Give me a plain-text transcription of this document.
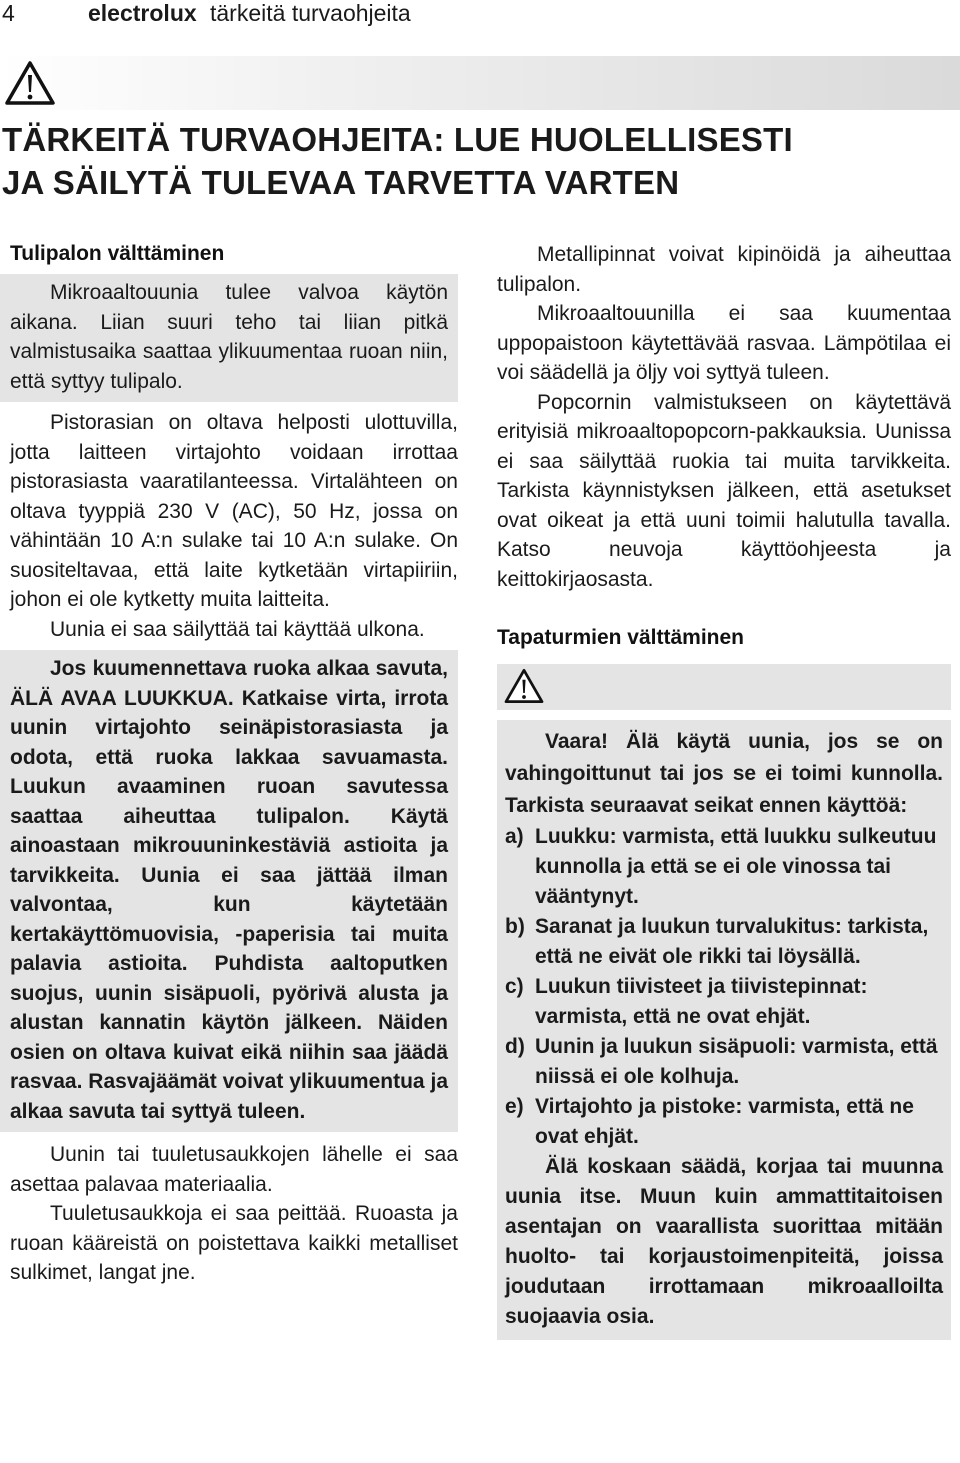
4	electrolux tärkeitä turvaohjeita
TÄRKEITÄ TURVAOHJEITA: LUE HUOLELLISESTI
JA SÄILYTÄ TULEVAA TARVETTA VARTEN
Tulipalon välttäminen

Mikroaaltouunia tulee valvoa käytön aikana. Liian suuri teho tai liian pitkä valmistusaika saattaa ylikuumentaa ruoan niin, että syttyy tulipalo.

Pistorasian on oltava helposti ulottuvilla, jotta laitteen virtajohto voidaan irrottaa pistorasiasta vaaratilanteessa. Virtalähteen on oltava tyyppiä 230 V (AC), 50 Hz, jossa on vähintään 10 A:n sulake tai 10 A:n sulake. On suositeltavaa, että laite kytketään virtapiiriin, johon ei ole kytketty muita laitteita.

Uunia ei saa säilyttää tai käyttää ulkona.

Jos kuumennettava ruoka alkaa savuta, ÄLÄ AVAA LUUKKUA. Katkaise virta, irrota uunin virtajohto seinäpistorasiasta ja odota, että ruoka lakkaa savuamasta. Luukun avaaminen ruoan savutessa saattaa aiheuttaa tulipalon. Käytä ainoastaan mikrouuninkestäviä astioita ja tarvikkeita. Uunia ei saa jättää ilman valvontaa, kun käytetään kertakäyttömuovisia, -paperisia tai muita palavia astioita. Puhdista aaltoputken suojus, uunin sisäpuoli, pyörivä alusta ja alustan kannatin käytön jälkeen. Näiden osien on oltava kuivat eikä niihin saa jäädä rasvaa. Rasvajäämät voivat ylikuumentua ja alkaa savuta tai syttyä tuleen.

Uunin tai tuuletusaukkojen lähelle ei saa asettaa palavaa materiaalia.

Tuuletusaukkoja ei saa peittää. Ruoasta ja ruoan kääreistä on poistettava kaikki metalliset sulkimet, langat jne.

Metallipinnat voivat kipinöidä ja aiheuttaa tulipalon.

Mikroaaltouunilla ei saa kuumentaa uppopaistoon käytettävää rasvaa. Lämpötilaa ei voi säädellä ja öljy voi syttyä tuleen.

Popcornin valmistukseen on käytettävä erityisiä mikroaaltopopcorn-pakkauksia. Uunissa ei saa säilyttää ruokia tai muita tarvikkeita. Tarkista käynnistyksen jälkeen, että asetukset ovat oikeat ja että uuni toimii halutulla tavalla. Katso neuvoja käyttöohjeesta ja keittokirjaosasta.

Tapaturmien välttäminen

Vaara! Älä käytä uunia, jos se on vahingoittunut tai jos se ei toimi kunnolla. Tarkista seuraavat seikat ennen käyttöä:

a) Luukku: varmista, että luukku sulkeutuu kunnolla ja että se ei ole vinossa tai vääntynyt.
b) Saranat ja luukun turvalukitus: tarkista, että ne eivät ole rikki tai löysällä.
c) Luukun tiivisteet ja tiivistepinnat: varmista, että ne ovat ehjät.
d) Uunin ja luukun sisäpuoli: varmista, että niissä ei ole kolhuja.
e) Virtajohto ja pistoke: varmista, että ne ovat ehjät.

Älä koskaan säädä, korjaa tai muunna uunia itse. Muun kuin ammattitaitoisen asentajan on vaarallista suorittaa mitään huolto- tai korjaustoimenpiteitä, joissa joudutaan irrottamaan mikroaalloilta suojaavia osia.
